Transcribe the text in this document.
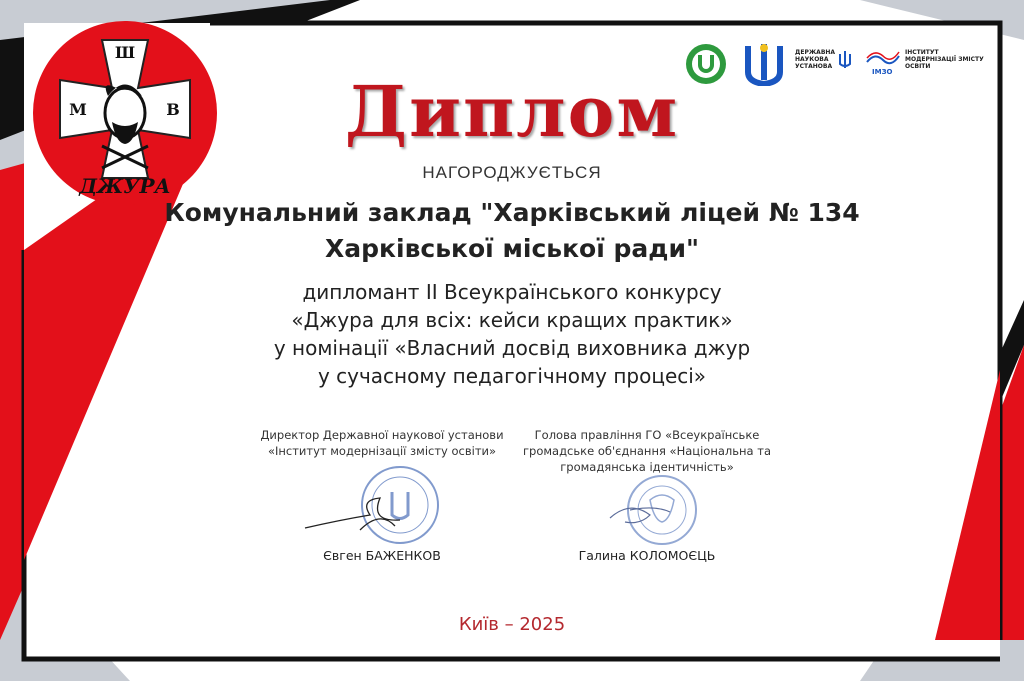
Ш
М	В
ДЖУРА
ДЕРЖАВНА
НАУКОВА
УСТАНОВА
ІМЗО
ІНСТИТУТ
МОДЕРНІЗАЦІЇ ЗМІСТУ
ОСВІТИ
Диплом
НАГОРОДЖУЄТЬСЯ
Комунальний заклад "Харківський ліцей № 134
Харківської міської ради"
дипломант II Всеукраїнського конкурсу
«Джура для всіх: кейси кращих практик»
у номінації «Власний досвід виховника джур
у сучасному педагогічному процесі»
Директор Державної наукової установи
«Інститут модернізації змісту освіти»
Євген БАЖЕНКОВ
Голова правління ГО «Всеукраїнське
громадське об'єднання «Національна та
громадянська ідентичність»
Галина КОЛОМОЄЦЬ
Київ – 2025
